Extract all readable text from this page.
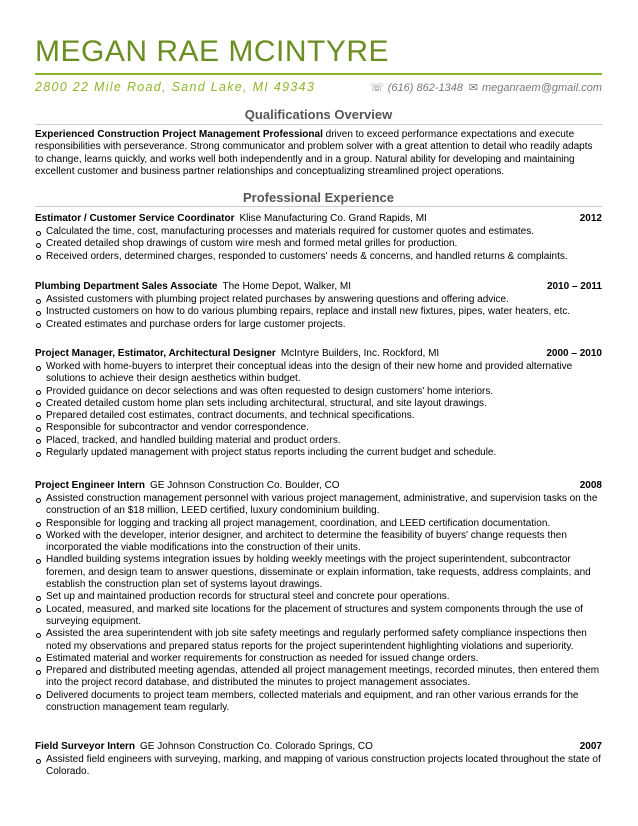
MEGAN RAE MCINTYRE
2800 22 Mile Road, Sand Lake, MI 49343	☏ (616) 862-1348 ✉ meganraem@gmail.com
Qualifications Overview

Experienced Construction Project Management Professional driven to exceed performance expectations and execute responsibilities with perseverance. Strong communicator and problem solver with a great attention to detail who readily adapts to change, learns quickly, and works well both independently and in a group. Natural ability for developing and maintaining excellent customer and business partner relationships and conceptualizing streamlined project operations.

Professional Experience
Estimator / Customer Service Coordinator Klise Manufacturing Co. Grand Rapids, MI	2012
Calculated the time, cost, manufacturing processes and materials required for customer quotes and estimates.
Created detailed shop drawings of custom wire mesh and formed metal grilles for production.
Received orders, determined charges, responded to customers' needs & concerns, and handled returns & complaints.
Plumbing Department Sales Associate The Home Depot, Walker, MI	2010 – 2011
Assisted customers with plumbing project related purchases by answering questions and offering advice.
Instructed customers on how to do various plumbing repairs, replace and install new fixtures, pipes, water heaters, etc.
Created estimates and purchase orders for large customer projects.
Project Manager, Estimator, Architectural Designer McIntyre Builders, Inc. Rockford, MI	2000 – 2010
Worked with home-buyers to interpret their conceptual ideas into the design of their new home and provided alternative solutions to achieve their design aesthetics within budget.
Provided guidance on decor selections and was often requested to design customers' home interiors.
Created detailed custom home plan sets including architectural, structural, and site layout drawings.
Prepared detailed cost estimates, contract documents, and technical specifications.
Responsible for subcontractor and vendor correspondence.
Placed, tracked, and handled building material and product orders.
Regularly updated management with project status reports including the current budget and schedule.
Project Engineer Intern GE Johnson Construction Co. Boulder, CO	2008
Assisted construction management personnel with various project management, administrative, and supervision tasks on the construction of an $18 million, LEED certified, luxury condominium building.
Responsible for logging and tracking all project management, coordination, and LEED certification documentation.
Worked with the developer, interior designer, and architect to determine the feasibility of buyers' change requests then incorporated the viable modifications into the construction of their units.
Handled building systems integration issues by holding weekly meetings with the project superintendent, subcontractor foremen, and design team to answer questions, disseminate or explain information, take requests, address complaints, and establish the construction plan set of systems layout drawings.
Set up and maintained production records for structural steel and concrete pour operations.
Located, measured, and marked site locations for the placement of structures and system components through the use of surveying equipment.
Assisted the area superintendent with job site safety meetings and regularly performed safety compliance inspections then noted my observations and prepared status reports for the project superintendent highlighting violations and superiority.
Estimated material and worker requirements for construction as needed for issued change orders.
Prepared and distributed meeting agendas, attended all project management meetings, recorded minutes, then entered them into the project record database, and distributed the minutes to project management associates.
Delivered documents to project team members, collected materials and equipment, and ran other various errands for the construction management team regularly.
Field Surveyor Intern GE Johnson Construction Co. Colorado Springs, CO	2007
Assisted field engineers with surveying, marking, and mapping of various construction projects located throughout the state of Colorado.
